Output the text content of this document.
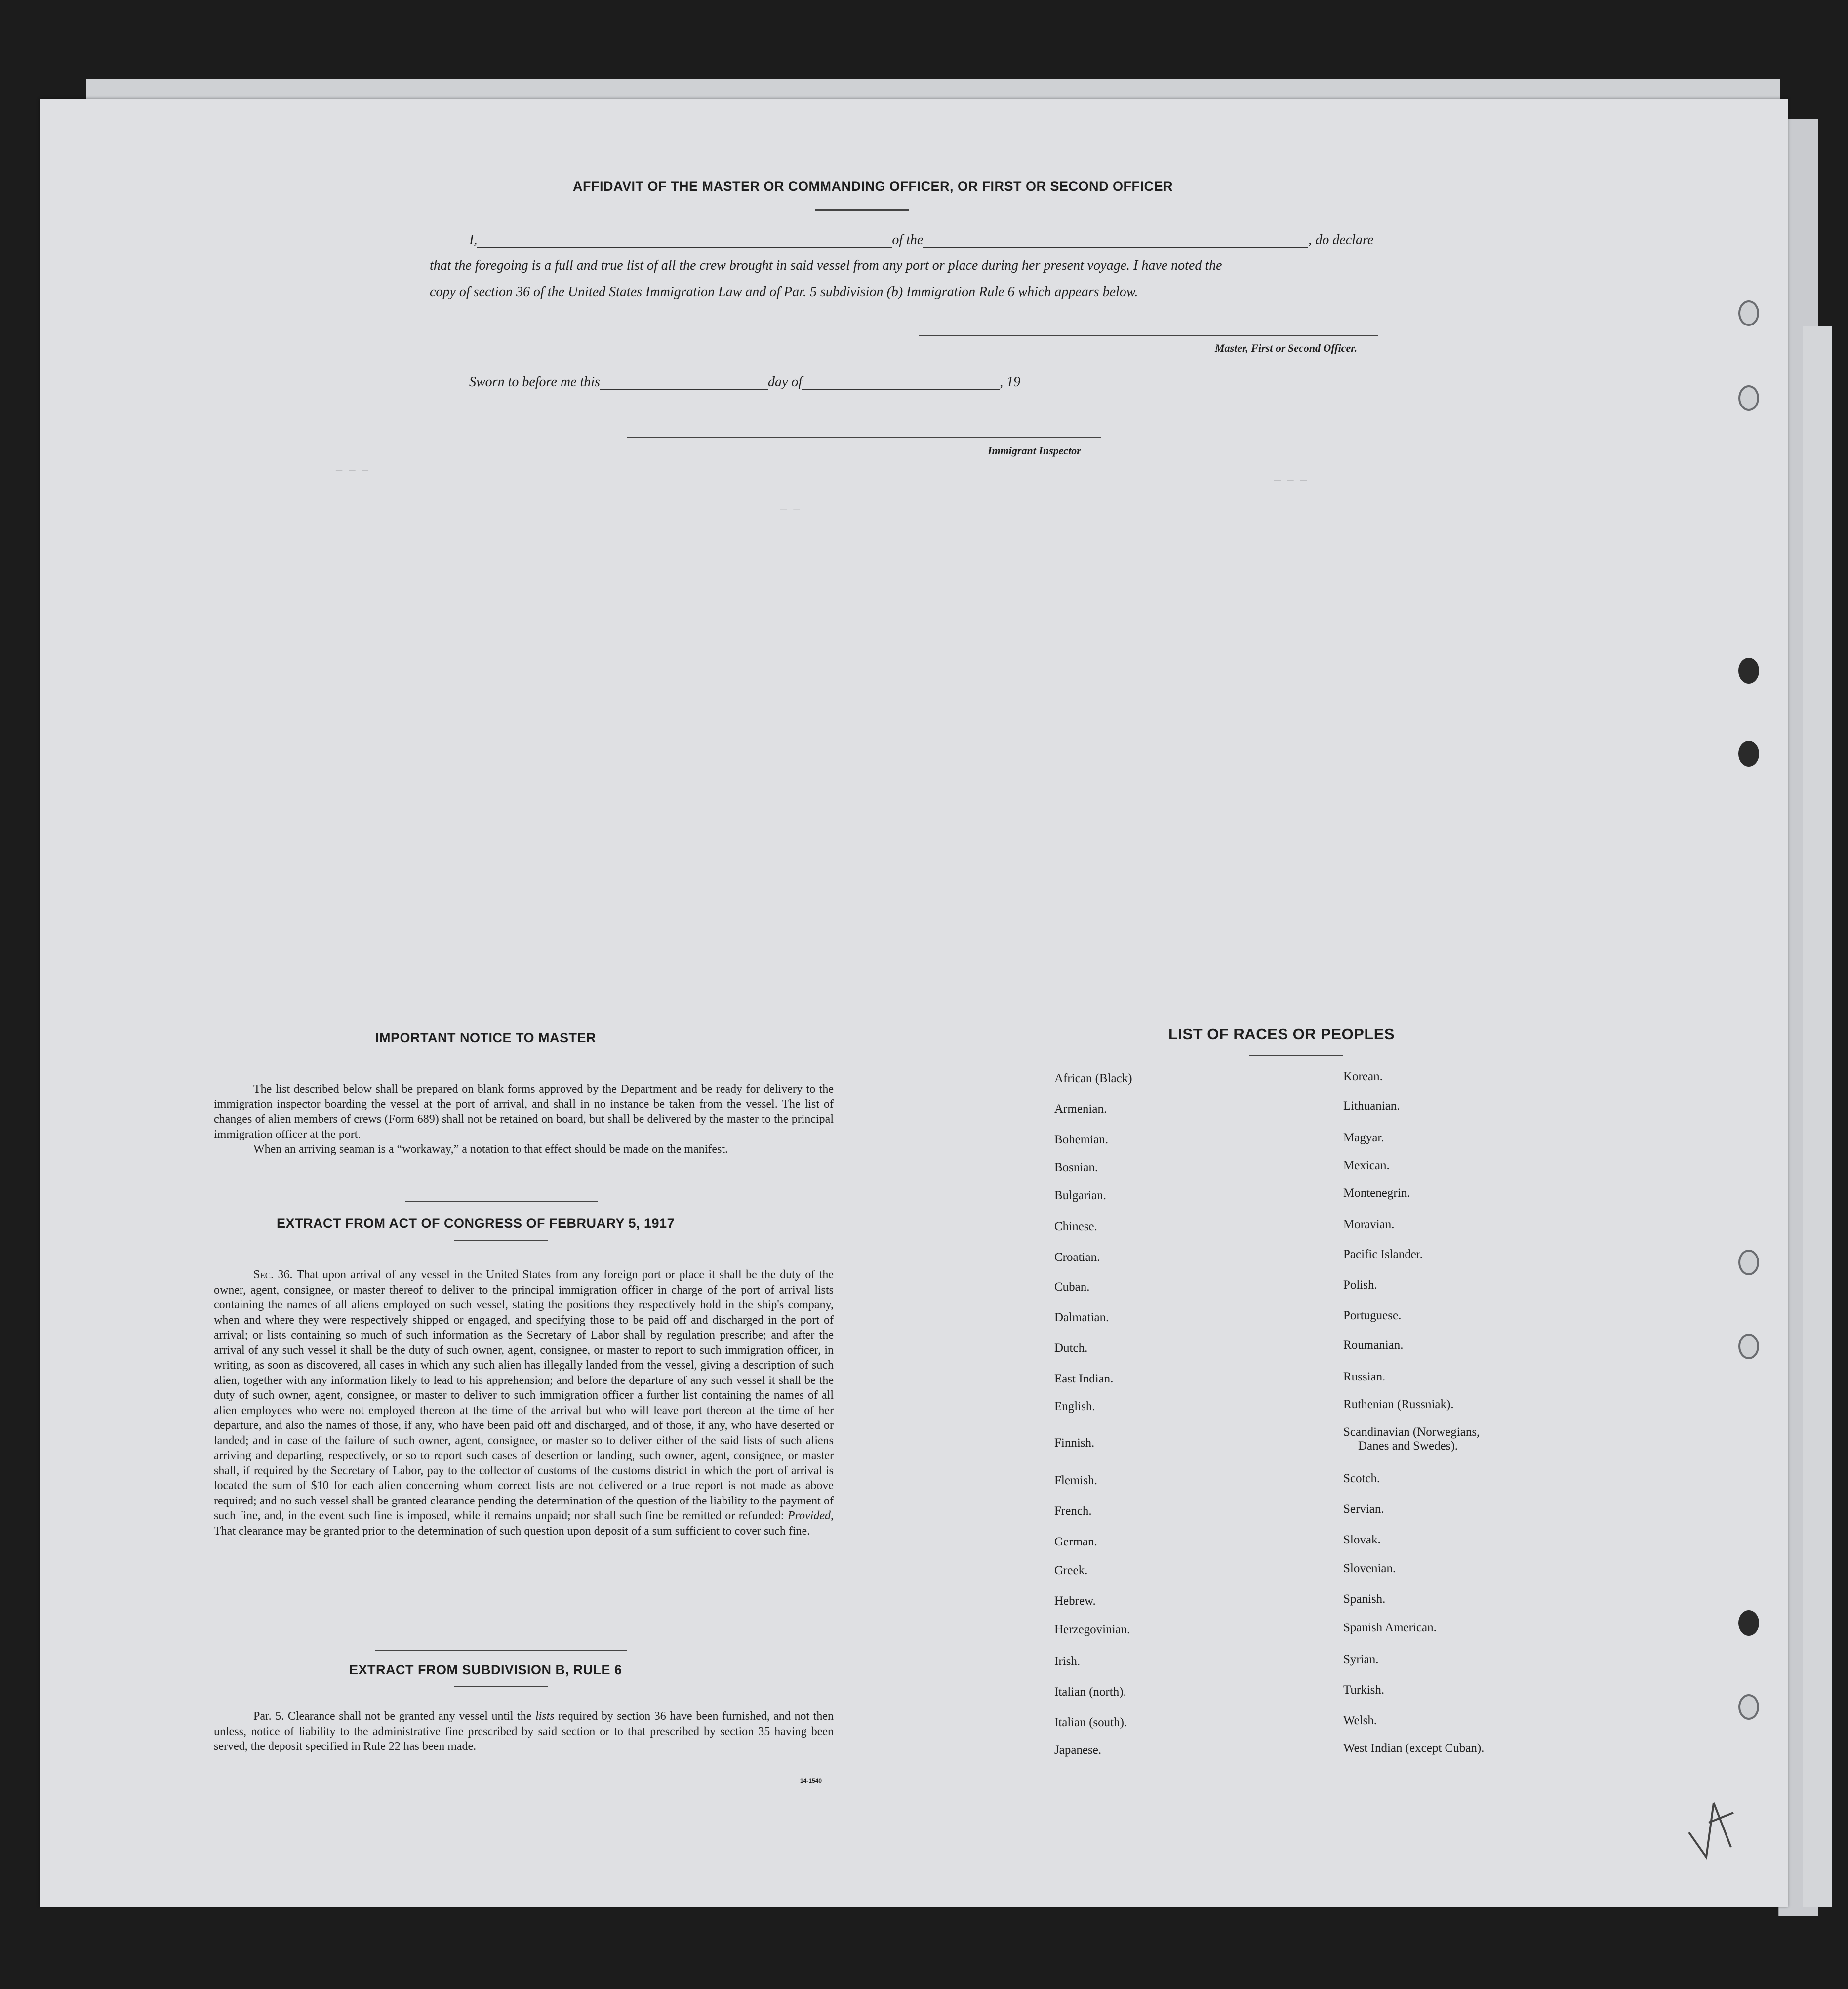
— — —
— —
— — —
AFFIDAVIT OF THE MASTER OR COMMANDING OFFICER, OR FIRST OR SECOND OFFICER
I,	of the	, do declare
that the foregoing is a full and true list of all the crew brought in said vessel from any port or place during her present voyage. I have noted the
copy of section 36 of the United States Immigration Law and of Par. 5 subdivision (b) Immigration Rule 6 which appears below.
Master, First or Second Officer.
Sworn to before me this	day of	, 19
Immigrant Inspector
IMPORTANT NOTICE TO MASTER

The list described below shall be prepared on blank forms approved by the Department and be ready for delivery to the immigration inspector boarding the vessel at the port of arrival, and shall in no instance be taken from the vessel. The list of changes of alien members of crews (Form 689) shall not be retained on board, but shall be delivered by the master to the principal immigration officer at the port.

When an arriving seaman is a “workaway,” a notation to that effect should be made on the manifest.

EXTRACT FROM ACT OF CONGRESS OF FEBRUARY 5, 1917

Sec. 36. That upon arrival of any vessel in the United States from any foreign port or place it shall be the duty of the owner, agent, consignee, or master thereof to deliver to the principal immigration officer in charge of the port of arrival lists containing the names of all aliens employed on such vessel, stating the positions they respectively hold in the ship's company, when and where they were respectively shipped or engaged, and specifying those to be paid off and discharged in the port of arrival; or lists containing so much of such information as the Secretary of Labor shall by regulation prescribe; and after the arrival of any such vessel it shall be the duty of such owner, agent, consignee, or master to report to such immigration officer, in writing, as soon as discovered, all cases in which any such alien has illegally landed from the vessel, giving a description of such alien, together with any information likely to lead to his apprehension; and before the departure of any such vessel it shall be the duty of such owner, agent, consignee, or master to deliver to such immigration officer a further list containing the names of all alien employees who were not employed thereon at the time of the arrival but who will leave port thereon at the time of her departure, and also the names of those, if any, who have been paid off and discharged, and of those, if any, who have deserted or landed; and in case of the failure of such owner, agent, consignee, or master so to deliver either of the said lists of such aliens arriving and departing, respectively, or so to report such cases of desertion or landing, such owner, agent, consignee, or master shall, if required by the Secretary of Labor, pay to the collector of customs of the customs district in which the port of arrival is located the sum of $10 for each alien concerning whom correct lists are not delivered or a true report is not made as above required; and no such vessel shall be granted clearance pending the determination of the question of the liability to the payment of such fine, and, in the event such fine is imposed, while it remains unpaid; nor shall such fine be remitted or refunded: Provided, That clearance may be granted prior to the determination of such question upon deposit of a sum sufficient to cover such fine.

EXTRACT FROM SUBDIVISION B, RULE 6

Par. 5. Clearance shall not be granted any vessel until the lists required by section 36 have been furnished, and not then unless, notice of liability to the administrative fine prescribed by said section or to that prescribed by section 35 having been served, the deposit specified in Rule 22 has been made.

14-1540
LIST OF RACES OR PEOPLES
African (Black)
Armenian.
Bohemian.
Bosnian.
Bulgarian.
Chinese.
Croatian.
Cuban.
Dalmatian.
Dutch.
East Indian.
English.
Finnish.
Flemish.
French.
German.
Greek.
Hebrew.
Herzegovinian.
Irish.
Italian (north).
Italian (south).
Japanese.
Korean.
Lithuanian.
Magyar.
Mexican.
Montenegrin.
Moravian.
Pacific Islander.
Polish.
Portuguese.
Roumanian.
Russian.
Ruthenian (Russniak).
Scandinavian (Norwegians,
Danes and Swedes).
Scotch.
Servian.
Slovak.
Slovenian.
Spanish.
Spanish American.
Syrian.
Turkish.
Welsh.
West Indian (except Cuban).
